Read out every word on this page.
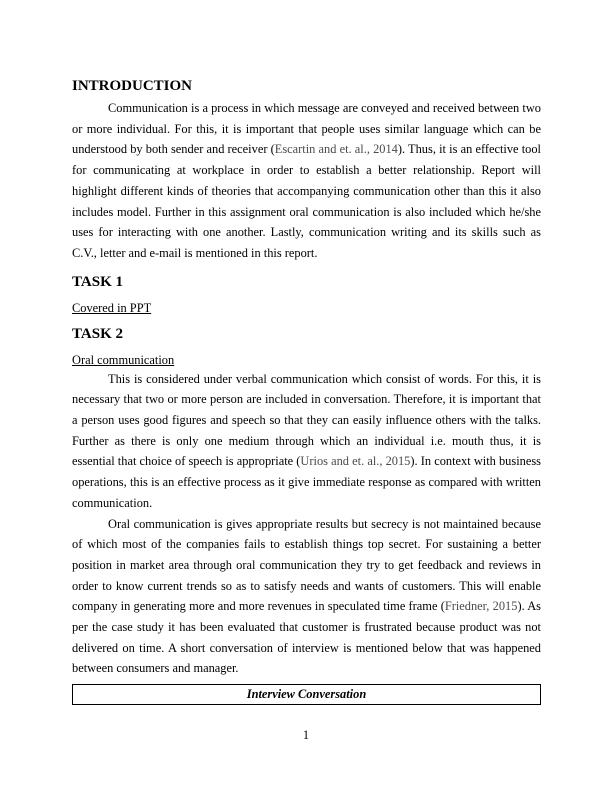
INTRODUCTION

Communication is a process in which message are conveyed and received between two or more individual. For this, it is important that people uses similar language which can be understood by both sender and receiver (Escartin and et. al., 2014). Thus, it is an effective tool for communicating at workplace in order to establish a better relationship. Report will highlight different kinds of theories that accompanying communication other than this it also includes model. Further in this assignment oral communication is also included which he/she uses for interacting with one another. Lastly, communication writing and its skills such as C.V., letter and e-mail is mentioned in this report.

TASK 1
Covered in PPT
TASK 2
Oral communication

This is considered under verbal communication which consist of words. For this, it is necessary that two or more person are included in conversation. Therefore, it is important that a person uses good figures and speech so that they can easily influence others with the talks. Further as there is only one medium through which an individual i.e. mouth thus, it is essential that choice of speech is appropriate (Urios and et. al., 2015). In context with business operations, this is an effective process as it give immediate response as compared with written communication.

Oral communication is gives appropriate results but secrecy is not maintained because of which most of the companies fails to establish things top secret. For sustaining a better position in market area through oral communication they try to get feedback and reviews in order to know current trends so as to satisfy needs and wants of customers. This will enable company in generating more and more revenues in speculated time frame (Friedner, 2015). As per the case study it has been evaluated that customer is frustrated because product was not delivered on time. A short conversation of interview is mentioned below that was happened between consumers and manager.

Interview Conversation
1
